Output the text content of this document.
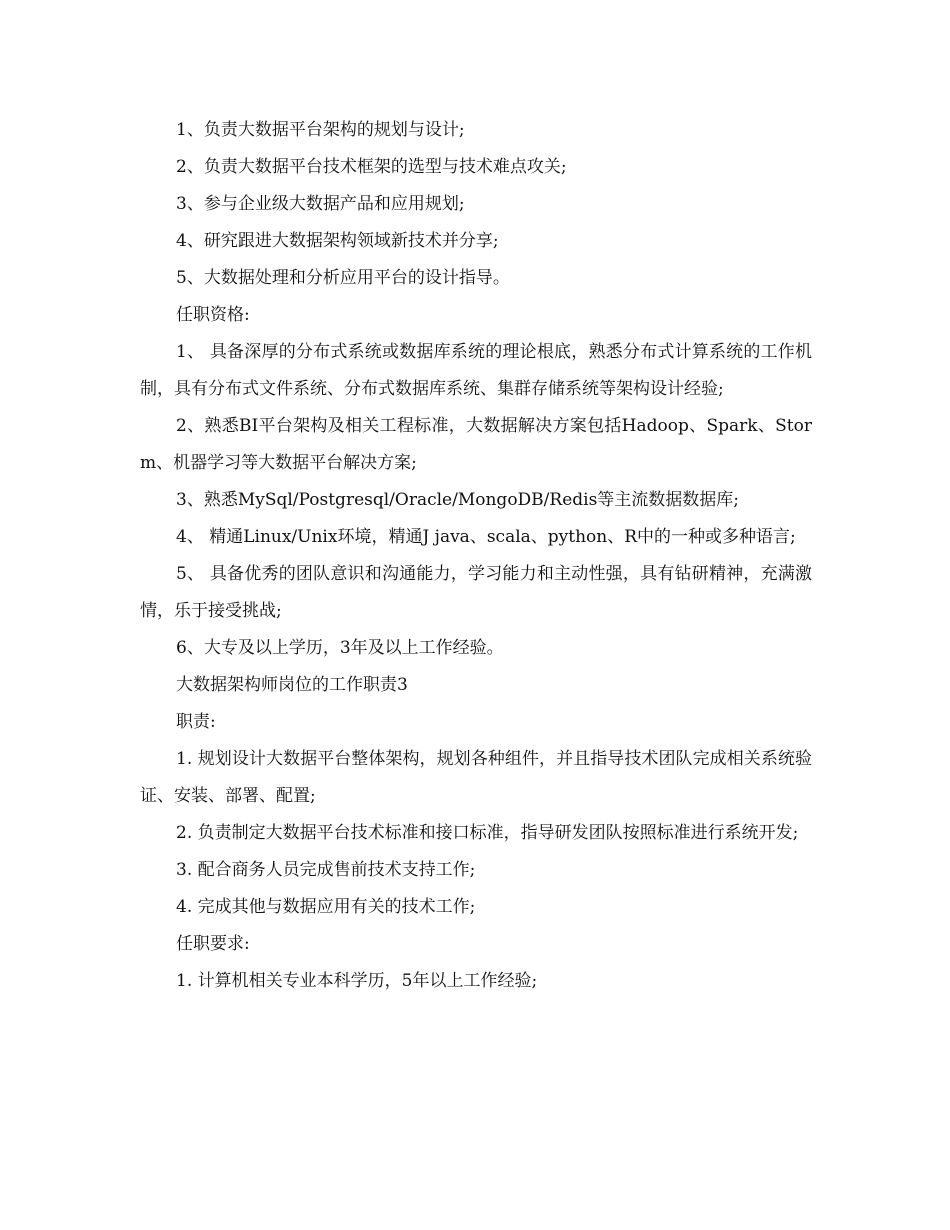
1、负责大数据平台架构的规划与设计;

2、负责大数据平台技术框架的选型与技术难点攻关;

3、参与企业级大数据产品和应用规划;

4、研究跟进大数据架构领域新技术并分享;

5、大数据处理和分析应用平台的设计指导。

任职资格:

1、 具备深厚的分布式系统或数据库系统的理论根底，熟悉分布式计算系统的工作机制，具有分布式文件系统、分布式数据库系统、集群存储系统等架构设计经验;

2、熟悉BI平台架构及相关工程标准，大数据解决方案包括Hadoop、Spark、Storm、机器学习等大数据平台解决方案;

3、熟悉MySql/Postgresql/Oracle/MongoDB/Redis等主流数据数据库;

4、 精通Linux/Unix环境，精通J java、scala、python、R中的一种或多种语言;

5、 具备优秀的团队意识和沟通能力，学习能力和主动性强，具有钻研精神，充满激情，乐于接受挑战;

6、大专及以上学历，3年及以上工作经验。

大数据架构师岗位的工作职责3

职责:

1. 规划设计大数据平台整体架构，规划各种组件，并且指导技术团队完成相关系统验证、安装、部署、配置;

2. 负责制定大数据平台技术标准和接口标准，指导研发团队按照标准进行系统开发;

3. 配合商务人员完成售前技术支持工作;

4. 完成其他与数据应用有关的技术工作;

任职要求:

1. 计算机相关专业本科学历，5年以上工作经验;
